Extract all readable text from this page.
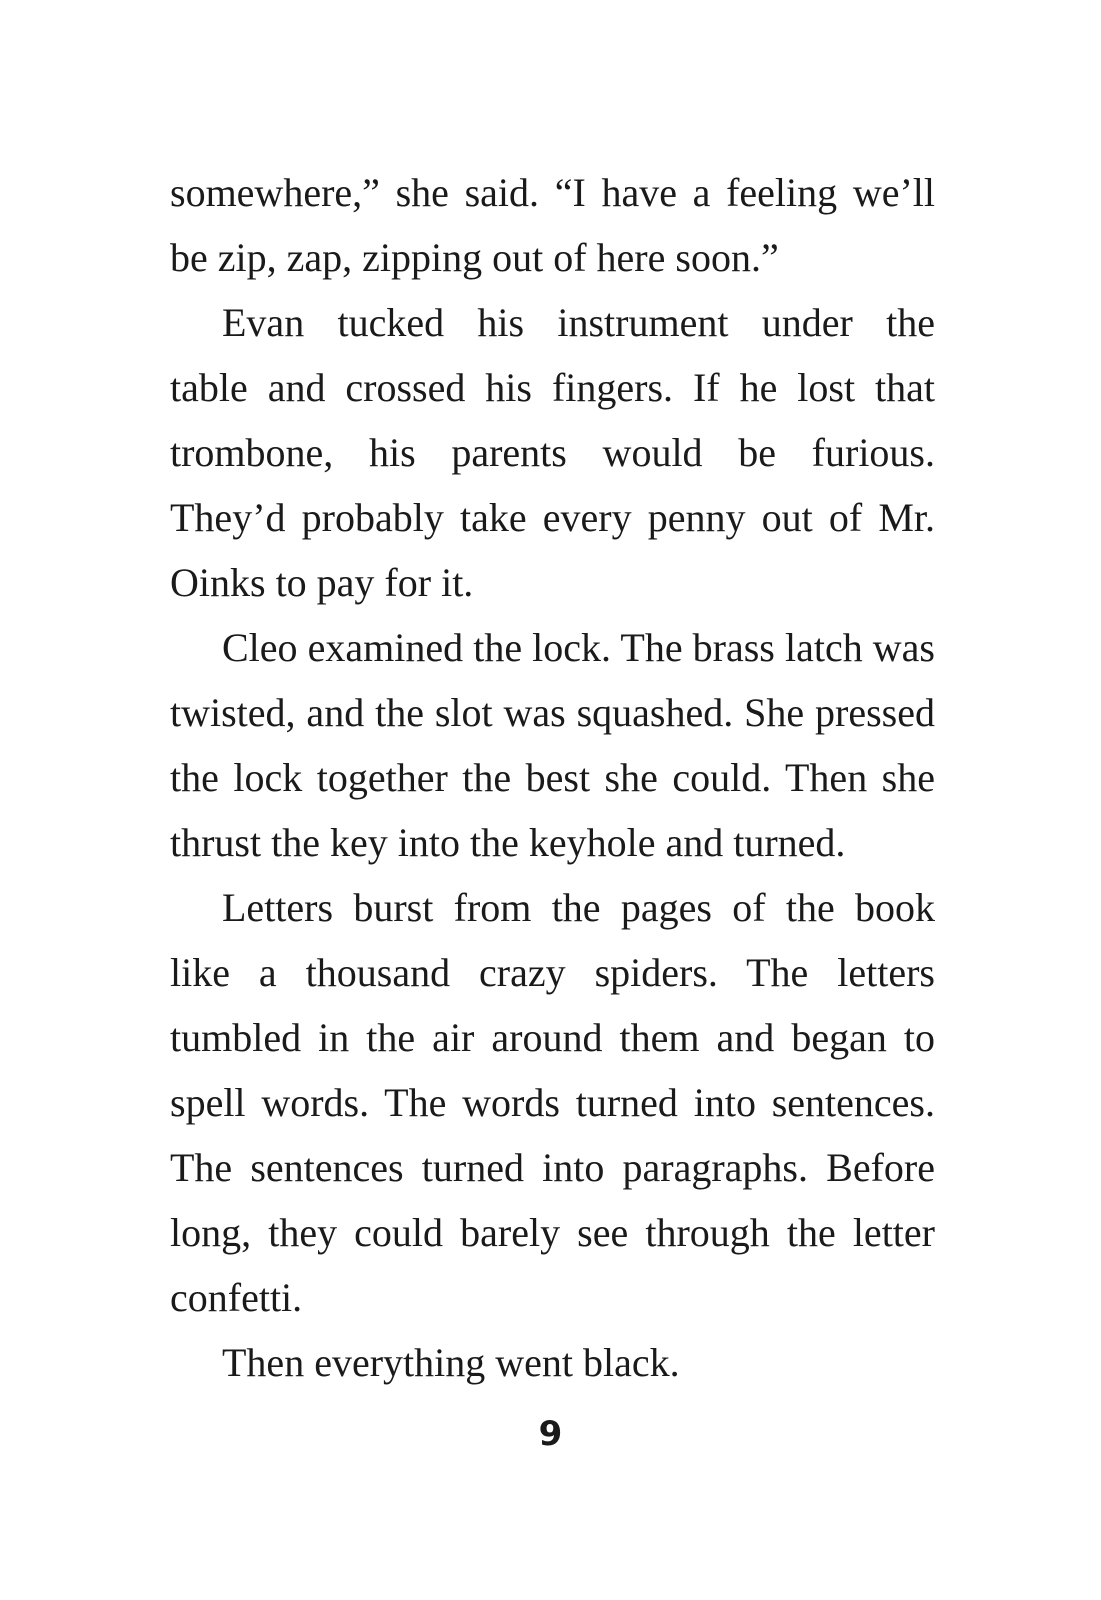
somewhere,” she said. “I have a feeling we’ll
be zip, zap, zipping out of here soon.”
Evan tucked his instrument under the
table and crossed his fingers. If he lost that
trombone, his parents would be furious.
They’d probably take every penny out of Mr.
Oinks to pay for it.
Cleo examined the lock. The brass latch was
twisted, and the slot was squashed. She pressed
the lock together the best she could. Then she
thrust the key into the keyhole and turned.
Letters burst from the pages of the book
like a thousand crazy spiders. The letters
tumbled in the air around them and began to
spell words. The words turned into sentences.
The sentences turned into paragraphs. Before
long, they could barely see through the letter
confetti.
Then everything went black.
9
